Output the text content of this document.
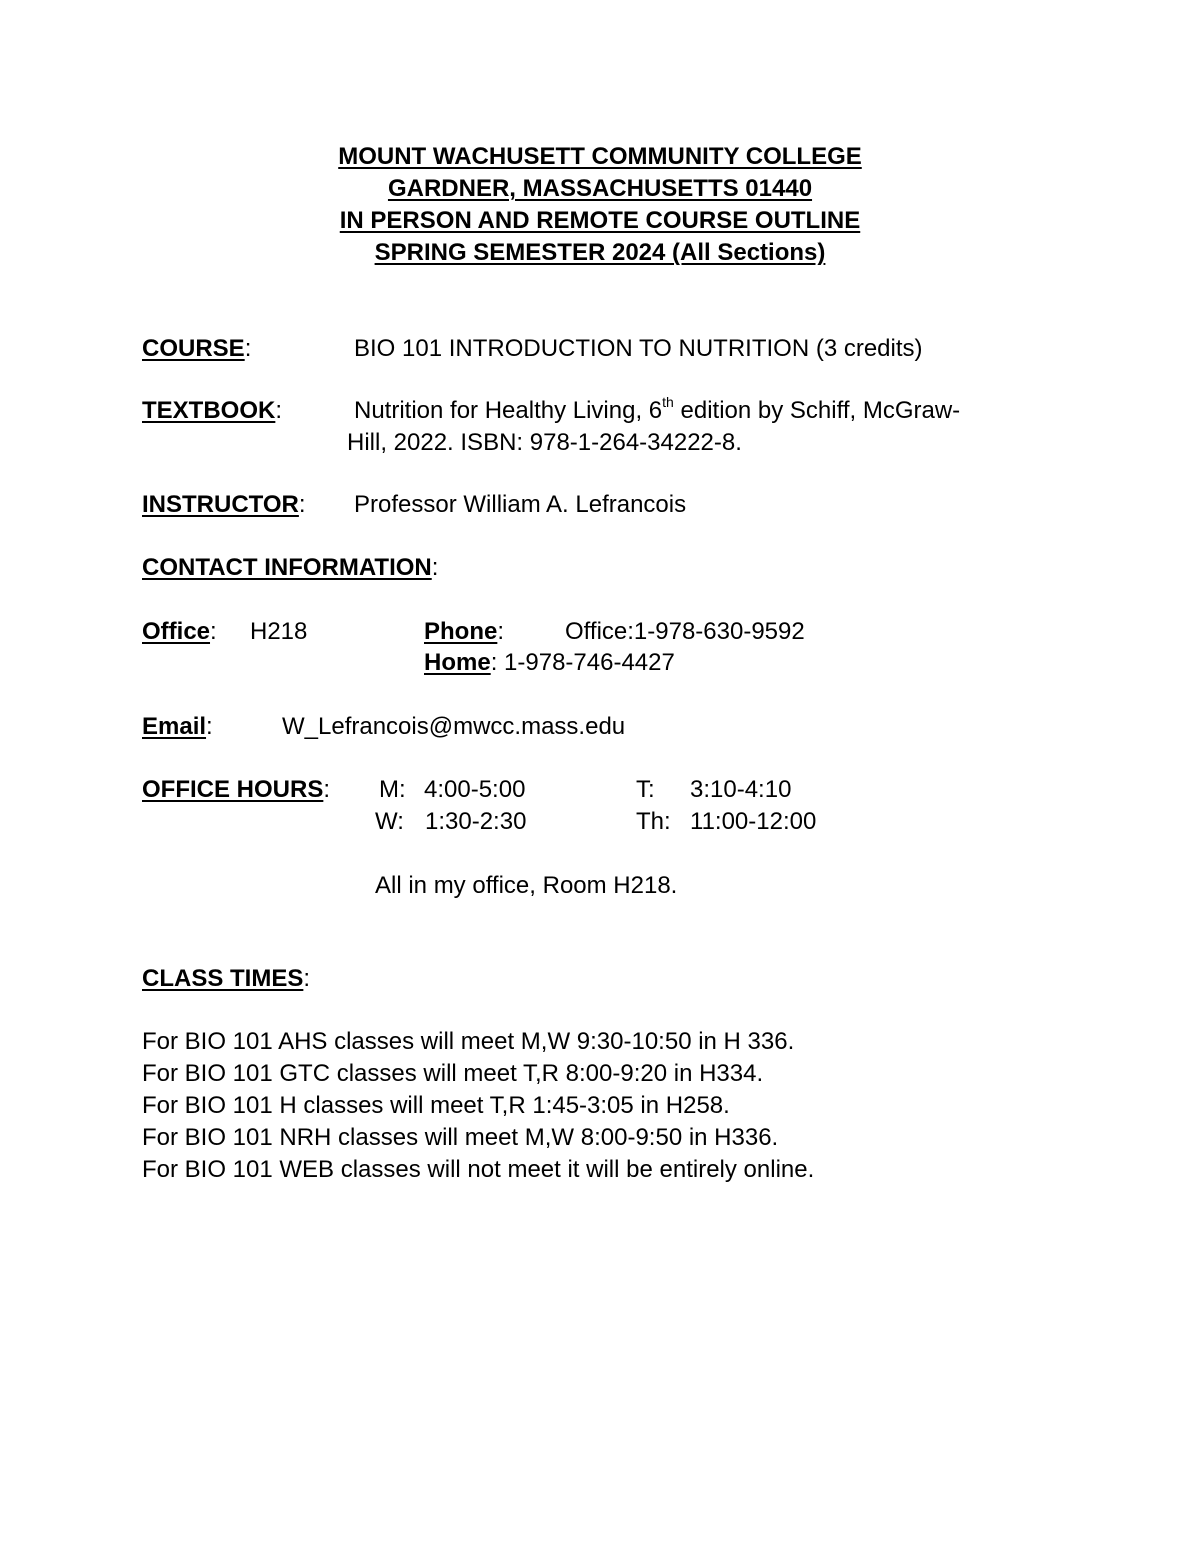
MOUNT WACHUSETT COMMUNITY COLLEGE
GARDNER, MASSACHUSETTS 01440
IN PERSON AND REMOTE COURSE OUTLINE
SPRING SEMESTER 2024 (All Sections)
COURSE:	BIO 101 INTRODUCTION TO NUTRITION (3 credits)
TEXTBOOK:	Nutrition for Healthy Living, 6th edition by Schiff, McGraw-
Hill, 2022. ISBN: 978-1-264-34222-8.
INSTRUCTOR: Professor William A. Lefrancois
CONTACT INFORMATION:
Office: H218	Phone:	Office:1-978-630-9592
Home: 1-978-746-4427
Email:	W_Lefrancois@mwcc.mass.edu
OFFICE HOURS: M: 4:00-5:00	T: 3:10-4:10
W: 1:30-2:30	Th: 11:00-12:00
All in my office, Room H218.
CLASS TIMES:
For BIO 101 AHS classes will meet M,W 9:30-10:50 in H 336.
For BIO 101 GTC classes will meet T,R 8:00-9:20 in H334.
For BIO 101 H classes will meet T,R 1:45-3:05 in H258.
For BIO 101 NRH classes will meet M,W 8:00-9:50 in H336.
For BIO 101 WEB classes will not meet it will be entirely online.
